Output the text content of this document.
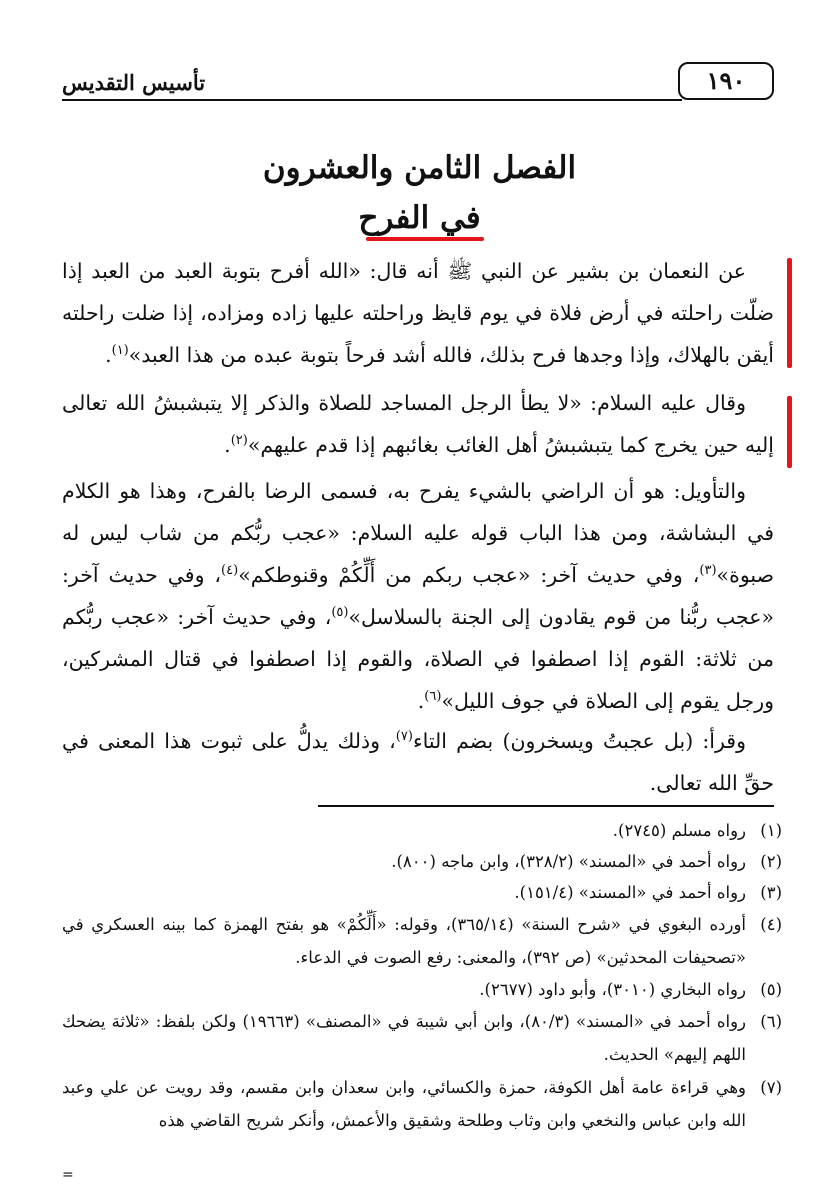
١٩٠
تأسيس التقديس
الفصل الثامن والعشرون
في الفرح

عن النعمان بن بشير عن النبي ﷺ أنه قال: «الله أفرح بتوبة العبد من العبد إذا ضلّت راحلته في أرض فلاة في يوم قايظ وراحلته عليها زاده ومزاده، إذا ضلت راحلته أيقن بالهلاك، وإذا وجدها فرح بذلك، فالله أشد فرحاً بتوبة عبده من هذا العبد»$^{(١)}$.

وقال عليه السلام: «لا يطأ الرجل المساجد للصلاة والذكر إلا يتبشبشُ الله تعالى إليه حين يخرج كما يتبشبشُ أهل الغائب بغائبهم إذا قدم عليهم»$^{(٢)}$.

والتأويل: هو أن الراضي بالشيء يفرح به، فسمى الرضا بالفرح، وهذا هو الكلام في البشاشة، ومن هذا الباب قوله عليه السلام: «عجب ربُّكم من شاب ليس له صبوة»$^{(٣)}$، وفي حديث آخر: «عجب ربكم من أَلِّكُمْ وقنوطكم»$^{(٤)}$، وفي حديث آخر: «عجب ربُّنا من قوم يقادون إلى الجنة بالسلاسل»$^{(٥)}$، وفي حديث آخر: «عجب ربُّكم من ثلاثة: القوم إذا اصطفوا في الصلاة، والقوم إذا اصطفوا في قتال المشركين، ورجل يقوم إلى الصلاة في جوف الليل»$^{(٦)}$.

وقرأ: (بل عجبتُ ويسخرون) بضم التاء$^{(٧)}$، وذلك يدلُّ على ثبوت هذا المعنى في حقِّ الله تعالى.

(١)
رواه مسلم (٢٧٤٥).

(٢)
رواه أحمد في «المسند» (٣٢٨/٢)، وابن ماجه (٨٠٠).

(٣)
رواه أحمد في «المسند» (١٥١/٤).

(٤)
أورده البغوي في «شرح السنة» (٣٦٥/١٤)، وقوله: «أَلِّكُمْ» هو بفتح الهمزة كما بينه العسكري في «تصحيفات المحدثين» (ص ٣٩٢)، والمعنى: رفع الصوت في الدعاء.

(٥)
رواه البخاري (٣٠١٠)، وأبو داود (٢٦٧٧).

(٦)
رواه أحمد في «المسند» (٨٠/٣)، وابن أبي شيبة في «المصنف» (١٩٦٦٣) ولكن بلفظ: «ثلاثة يضحك اللهم إليهم» الحديث.

(٧)
وهي قراءة عامة أهل الكوفة، حمزة والكسائي، وابن سعدان وابن مقسم، وقد رويت عن علي وعبد الله وابن عباس والنخعي وابن وثاب وطلحة وشقيق والأعمش، وأنكر شريح القاضي هذه

=
